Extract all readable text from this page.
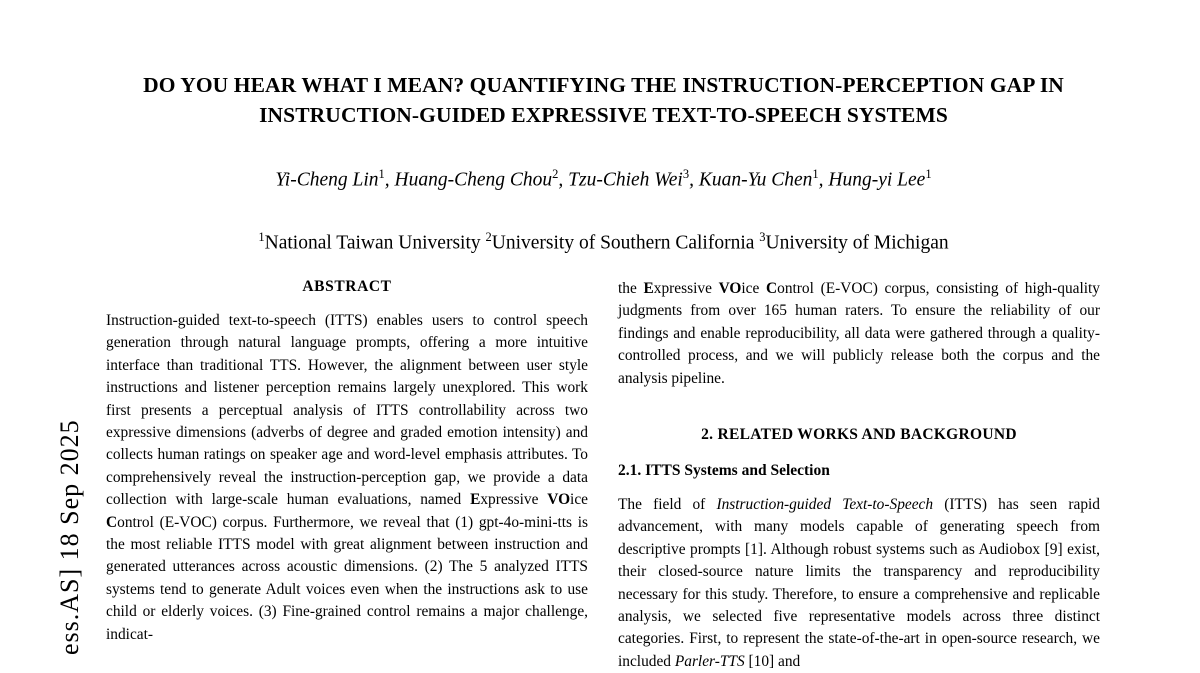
ess.AS] 18 Sep 2025
DO YOU HEAR WHAT I MEAN? QUANTIFYING THE INSTRUCTION-PERCEPTION GAP IN INSTRUCTION-GUIDED EXPRESSIVE TEXT-TO-SPEECH SYSTEMS
Yi-Cheng Lin$^1$, Huang-Cheng Chou$^2$, Tzu-Chieh Wei$^3$, Kuan-Yu Chen$^1$, Hung-yi Lee$^1$
$^1$National Taiwan University $^2$University of Southern California $^3$University of Michigan
ABSTRACT

Instruction-guided text-to-speech (ITTS) enables users to control speech generation through natural language prompts, offering a more intuitive interface than traditional TTS. However, the alignment between user style instructions and listener perception remains largely unexplored. This work first presents a perceptual analysis of ITTS controllability across two expressive dimensions (adverbs of degree and graded emotion intensity) and collects human ratings on speaker age and word-level emphasis attributes. To comprehensively reveal the instruction-perception gap, we provide a data collection with large-scale human evaluations, named Expressive VOice Control (E-VOC) corpus. Furthermore, we reveal that (1) gpt-4o-mini-tts is the most reliable ITTS model with great alignment between instruction and generated utterances across acoustic dimensions. (2) The 5 analyzed ITTS systems tend to generate Adult voices even when the instructions ask to use child or elderly voices. (3) Fine-grained control remains a major challenge, indicat-

the Expressive VOice Control (E-VOC) corpus, consisting of high-quality judgments from over 165 human raters. To ensure the reliability of our findings and enable reproducibility, all data were gathered through a quality-controlled process, and we will publicly release both the corpus and the analysis pipeline.

2. RELATED WORKS AND BACKGROUND
2.1. ITTS Systems and Selection

The field of Instruction-guided Text-to-Speech (ITTS) has seen rapid advancement, with many models capable of generating speech from descriptive prompts [1]. Although robust systems such as Audiobox [9] exist, their closed-source nature limits the transparency and reproducibility necessary for this study. Therefore, to ensure a comprehensive and replicable analysis, we selected five representative models across three distinct categories. First, to represent the state-of-the-art in open-source research, we included Parler-TTS [10] and
